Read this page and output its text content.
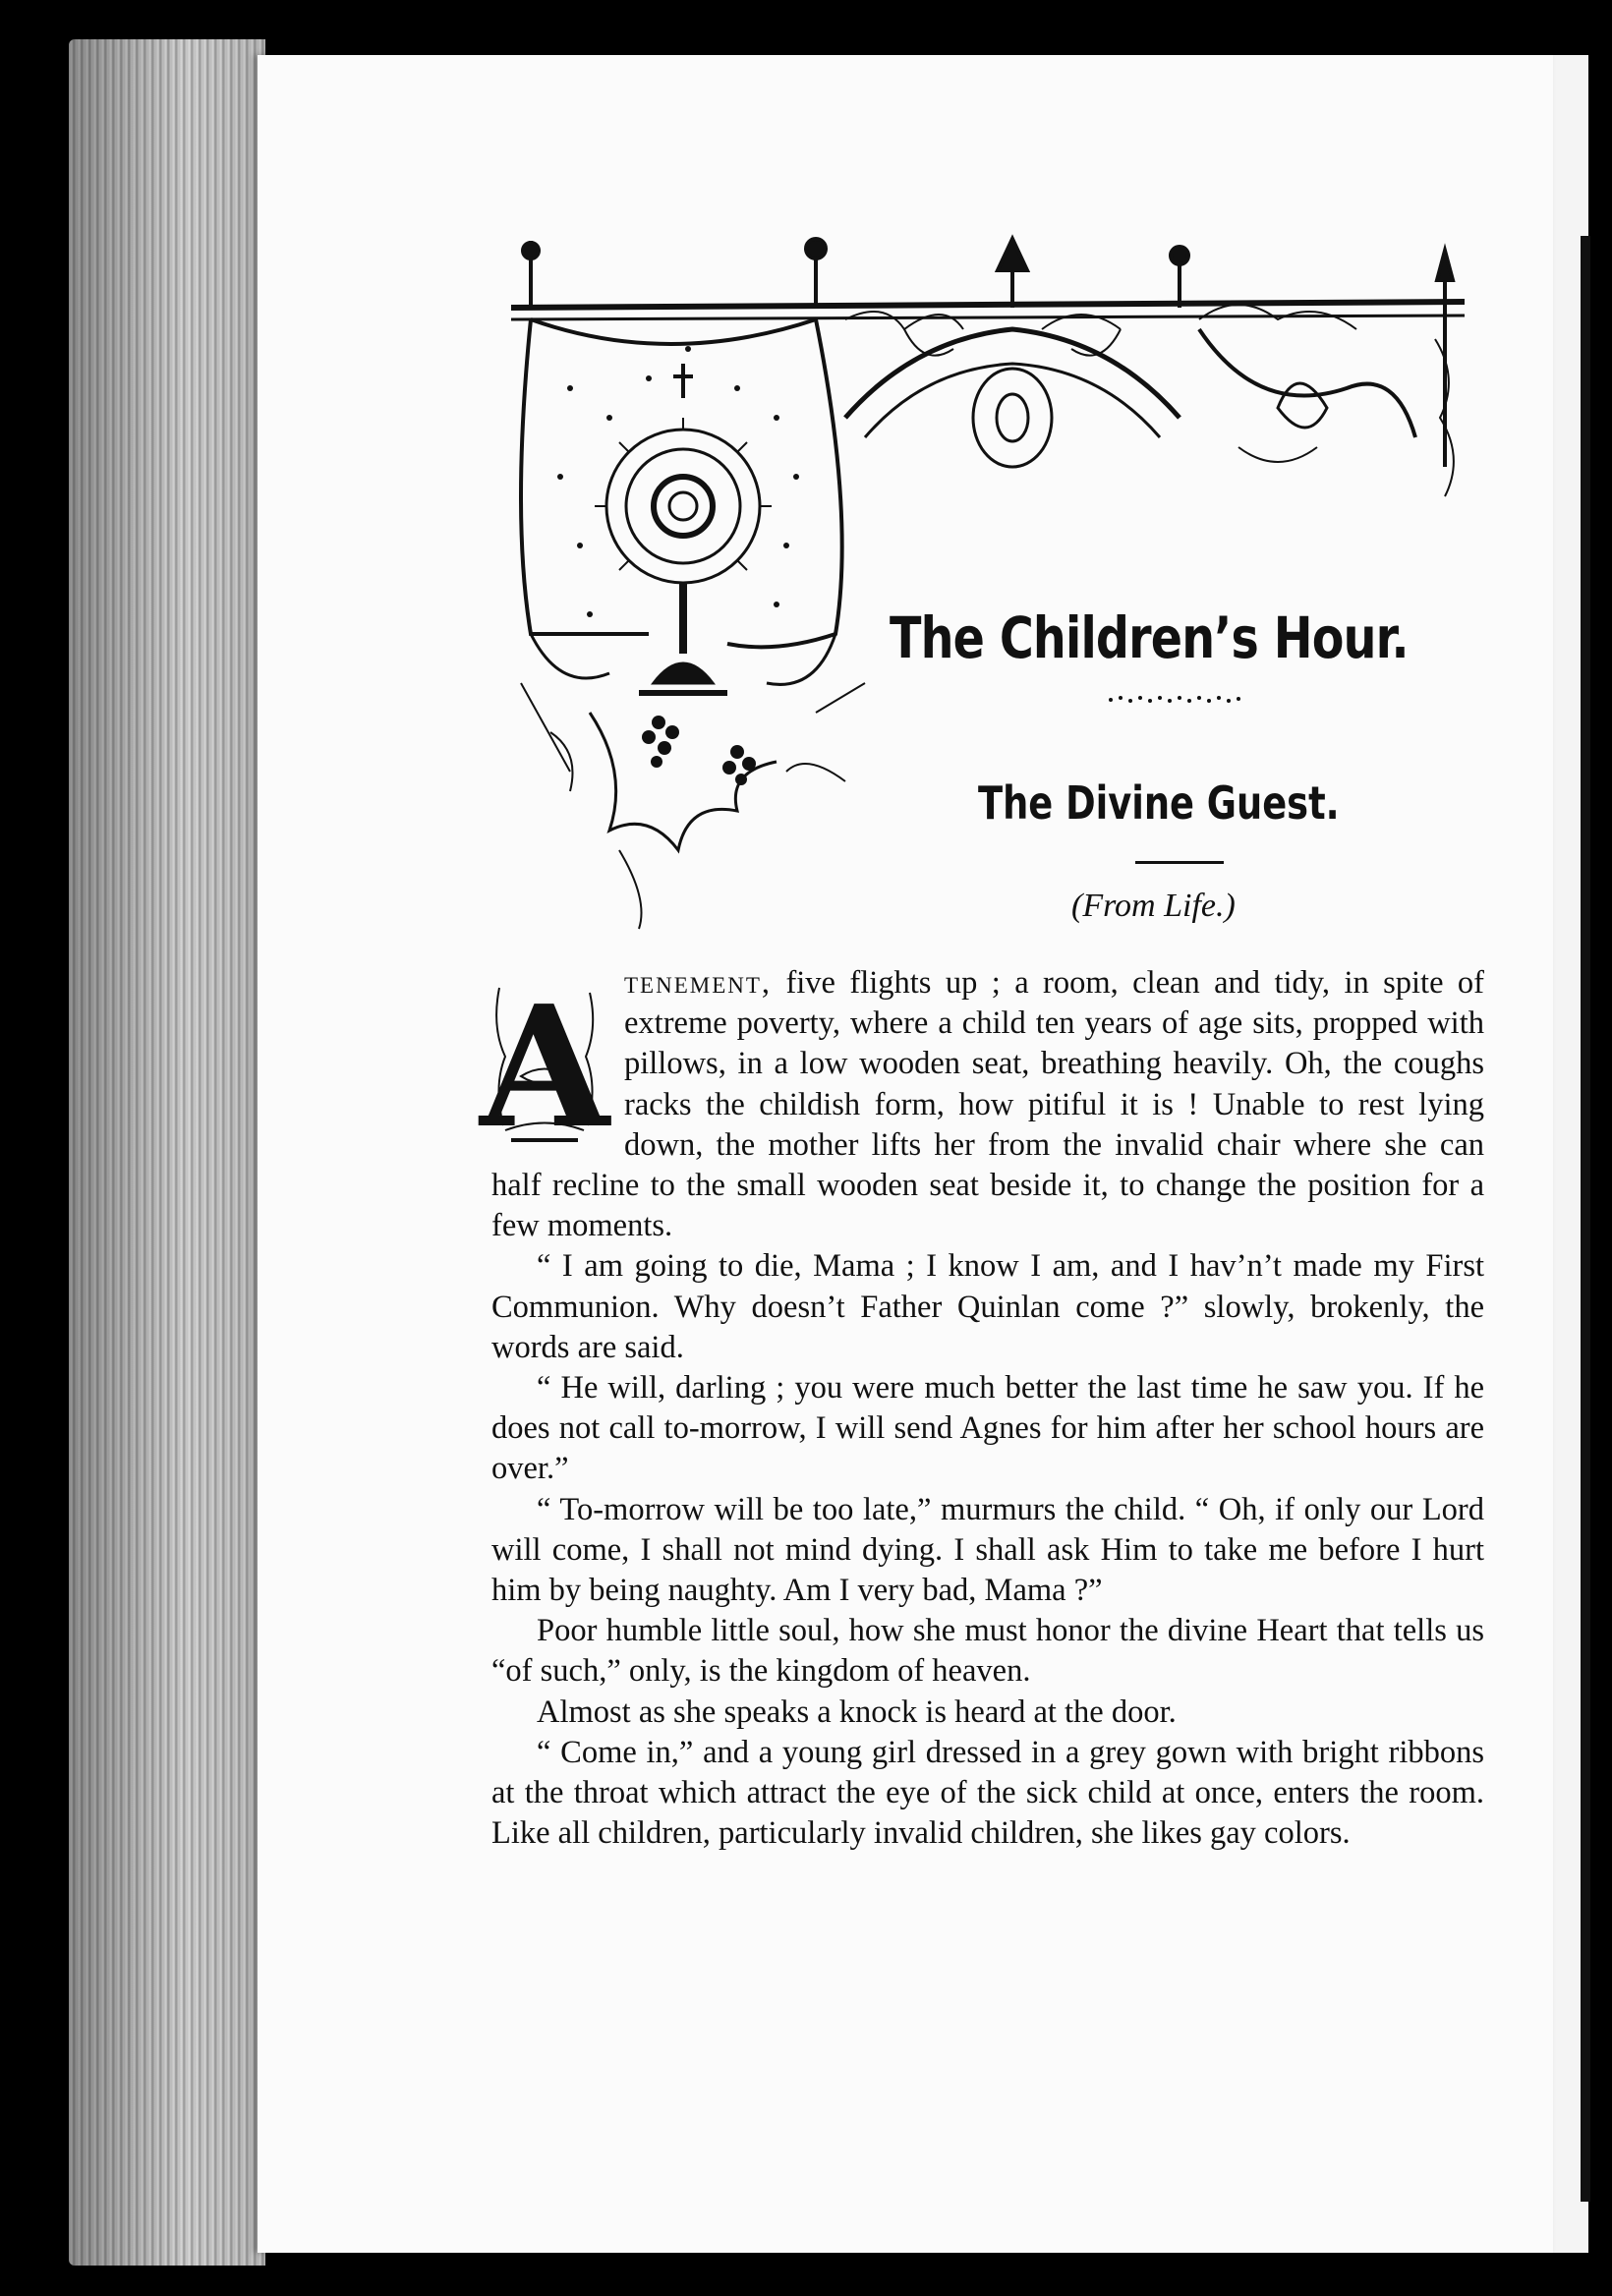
The Children’s Hour.
The Divine Guest.
(From Life.)
A tenement, five flights up ; a room, clean and tidy, in spite of extreme poverty, where a child ten years of age sits, propped with pillows, in a low wooden seat, breathing heavily. Oh, the coughs racks the childish form, how pitiful it is ! Unable to rest lying down, the mother lifts her from the invalid chair where she can half recline to the small wooden seat beside it, to change the position for a few moments.

“ I am going to die, Mama ; I know I am, and I hav’n’t made my First Communion. Why doesn’t Father Quinlan come ?” slowly, brokenly, the words are said.

“ He will, darling ; you were much better the last time he saw you. If he does not call to-morrow, I will send Agnes for him after her school hours are over.”

“ To-morrow will be too late,” murmurs the child. “ Oh, if only our Lord will come, I shall not mind dying. I shall ask Him to take me before I hurt him by being naughty. Am I very bad, Mama ?”

Poor humble little soul, how she must honor the divine Heart that tells us “of such,” only, is the kingdom of heaven.

Almost as she speaks a knock is heard at the door.

“ Come in,” and a young girl dressed in a grey gown with bright ribbons at the throat which attract the eye of the sick child at once, enters the room. Like all children, particularly invalid children, she likes gay colors.
